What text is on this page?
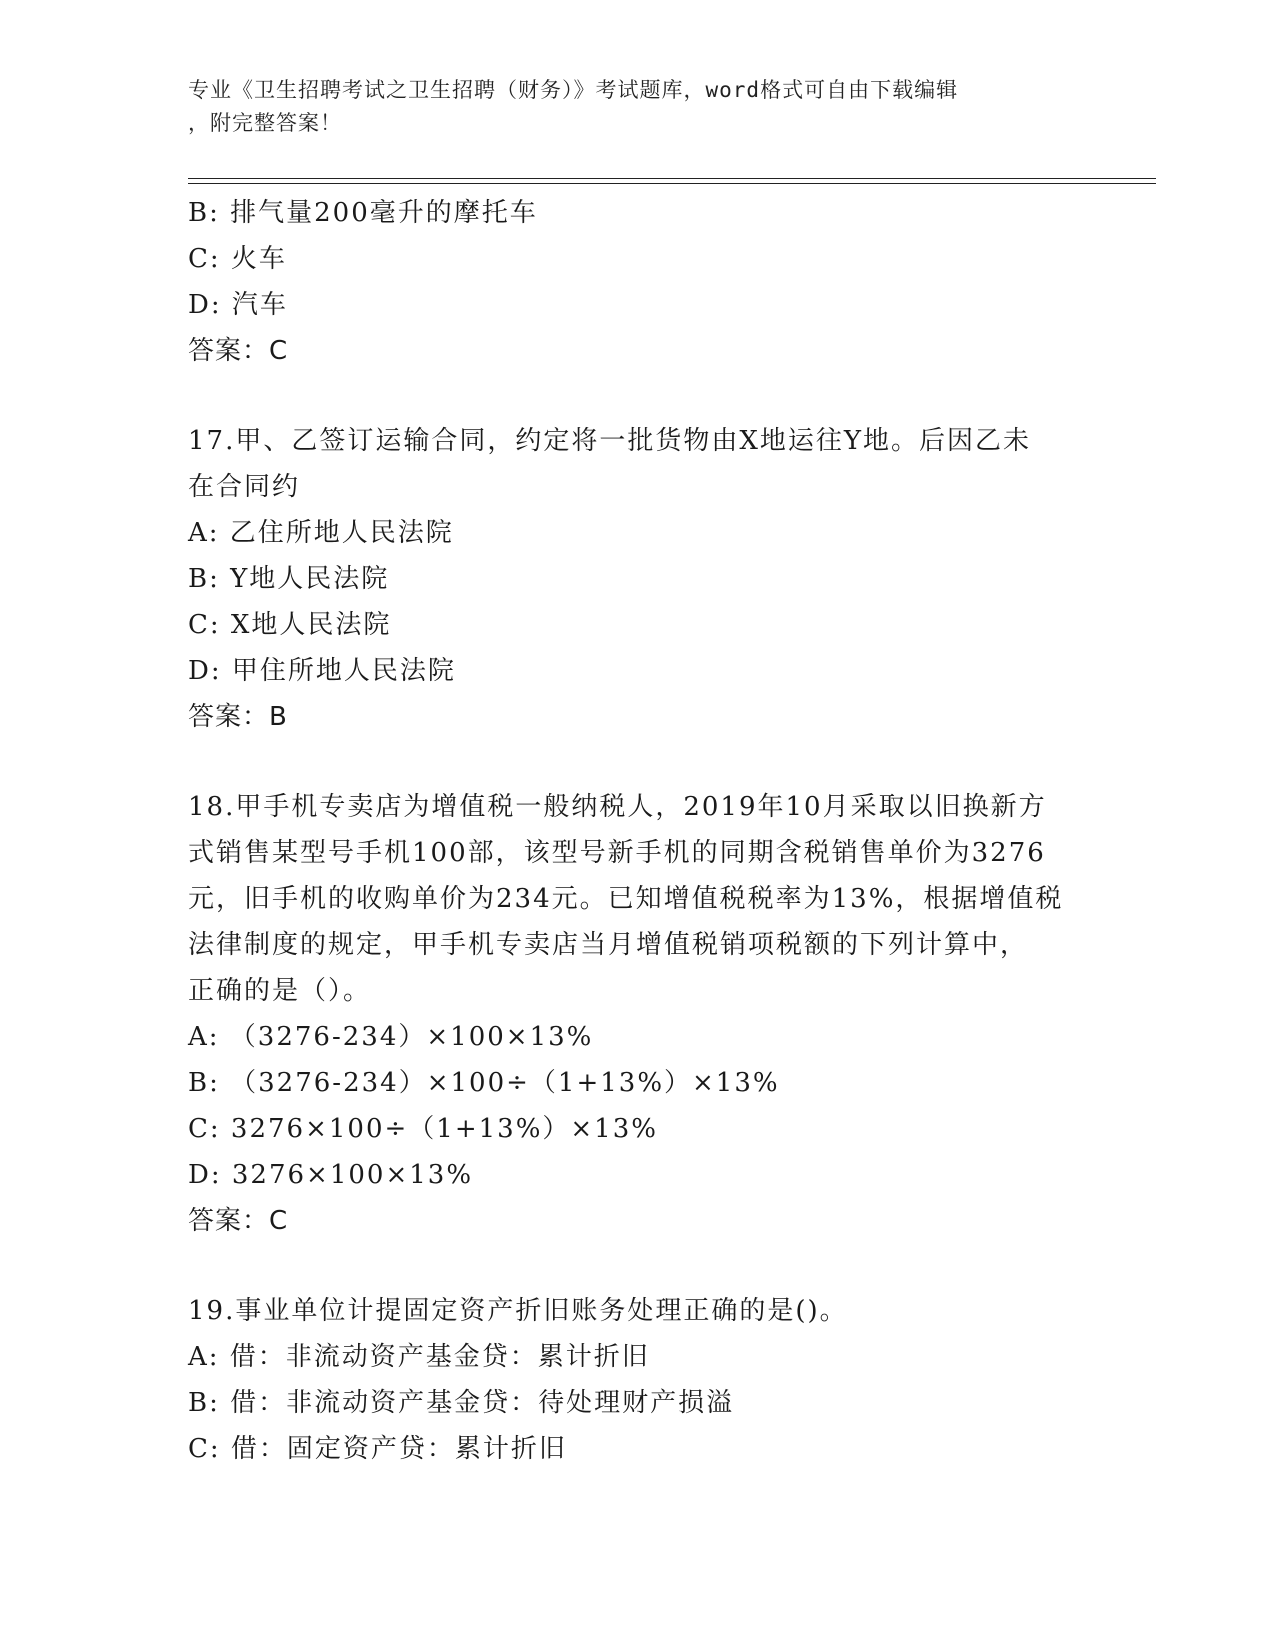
专业《卫生招聘考试之卫生招聘（财务）》考试题库，word格式可自由下载编辑
，附完整答案！
B: 排气量200毫升的摩托车
C: 火车
D: 汽车
答案：C
17.甲、乙签订运输合同，约定将一批货物由X地运往Y地。后因乙未
在合同约
A: 乙住所地人民法院
B: Y地人民法院
C: X地人民法院
D: 甲住所地人民法院
答案：B
18.甲手机专卖店为增值税一般纳税人，2019年10月采取以旧换新方
式销售某型号手机100部，该型号新手机的同期含税销售单价为3276
元，旧手机的收购单价为234元。已知增值税税率为13%，根据增值税
法律制度的规定，甲手机专卖店当月增值税销项税额的下列计算中，
正确的是（）。
A: （3276-234）×100×13%
B: （3276-234）×100÷（1+13%）×13%
C: 3276×100÷（1+13%）×13%
D: 3276×100×13%
答案：C
19.事业单位计提固定资产折旧账务处理正确的是()。
A: 借：非流动资产基金贷：累计折旧
B: 借：非流动资产基金贷：待处理财产损溢
C: 借：固定资产贷：累计折旧
